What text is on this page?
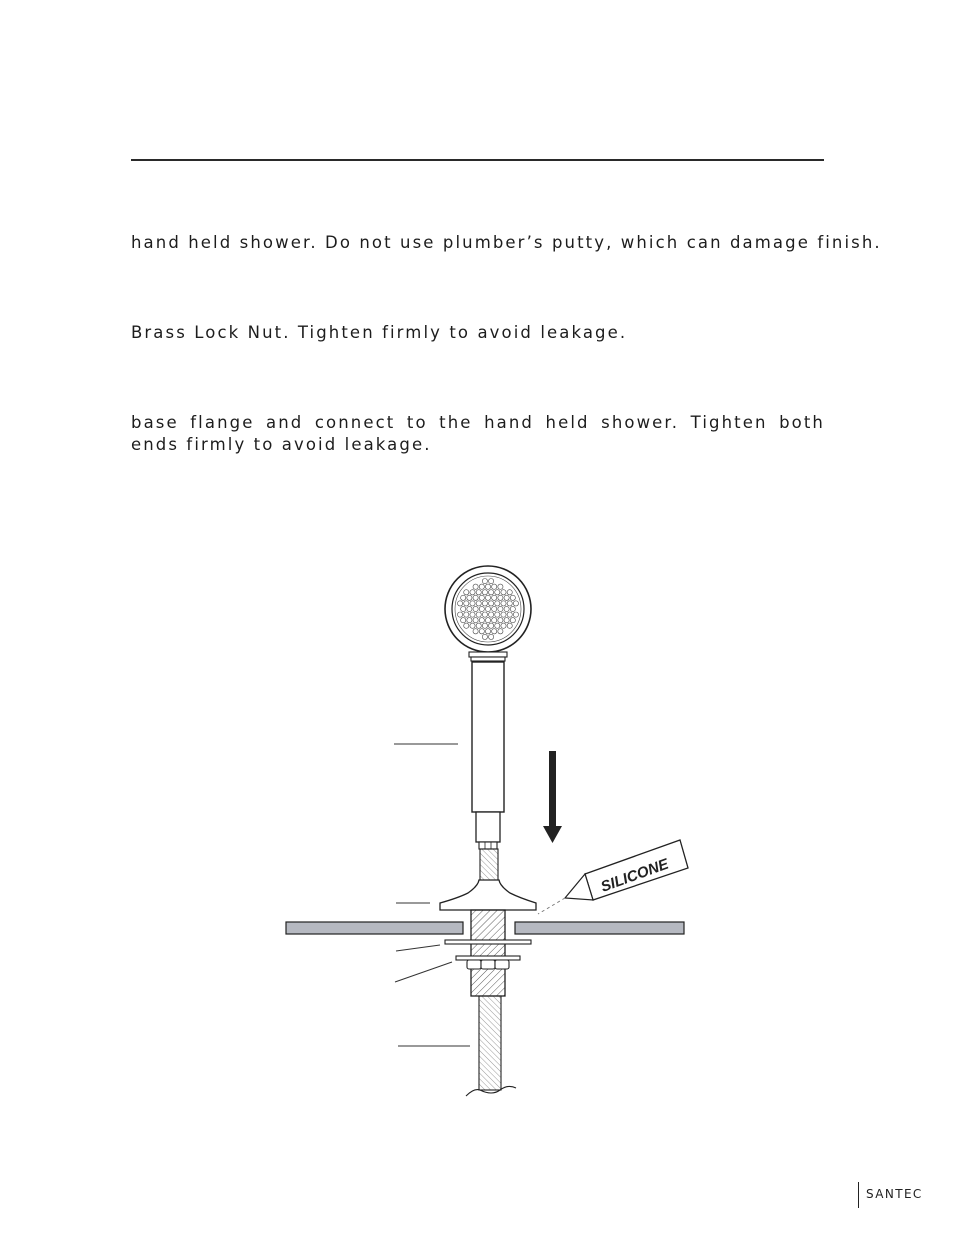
hand held shower. Do not use plumber’s putty, which can damage finish.

Brass Lock Nut. Tighten firmly to avoid leakage.

base flange and connect to the hand held shower. Tighten both ends firmly to avoid leakage.

SILICONE
SANTEC
